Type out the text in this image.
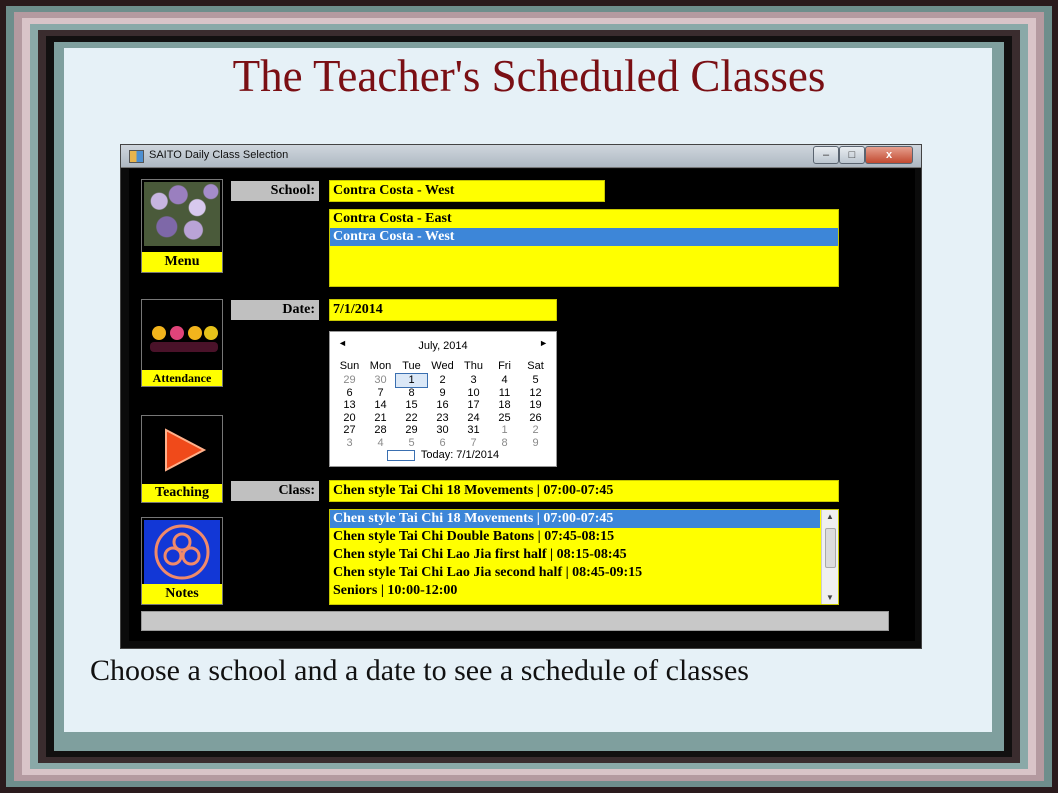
The Teacher's Scheduled Classes
SAITO Daily Class Selection	–	□	x
Menu
Attendance
Teaching
Notes
School: Contra Costa - West
Contra Costa - East
Contra Costa - West
Date: 7/1/2014
◄	July, 2014	►
Sun Mon	Tue Wed Thu	Fri	Sat
29	30	1	2	3	4	5
6	7	8	9	10	11	12
13	14	15	16	17	18	19
20	21	22	23	24	25	26
27	28	29	30	31	1	2
3	4	5	6	7	8	9
Today: 7/1/2014
Class: Chen style Tai Chi 18 Movements | 07:00-07:45
Chen style Tai Chi 18 Movements | 07:00-07:45
Chen style Tai Chi Double Batons | 07:45-08:15
Chen style Tai Chi Lao Jia first half | 08:15-08:45
Chen style Tai Chi Lao Jia second half | 08:45-09:15
Seniors | 10:00-12:00
▲
▼
Choose a school and a date to see a schedule of classes
